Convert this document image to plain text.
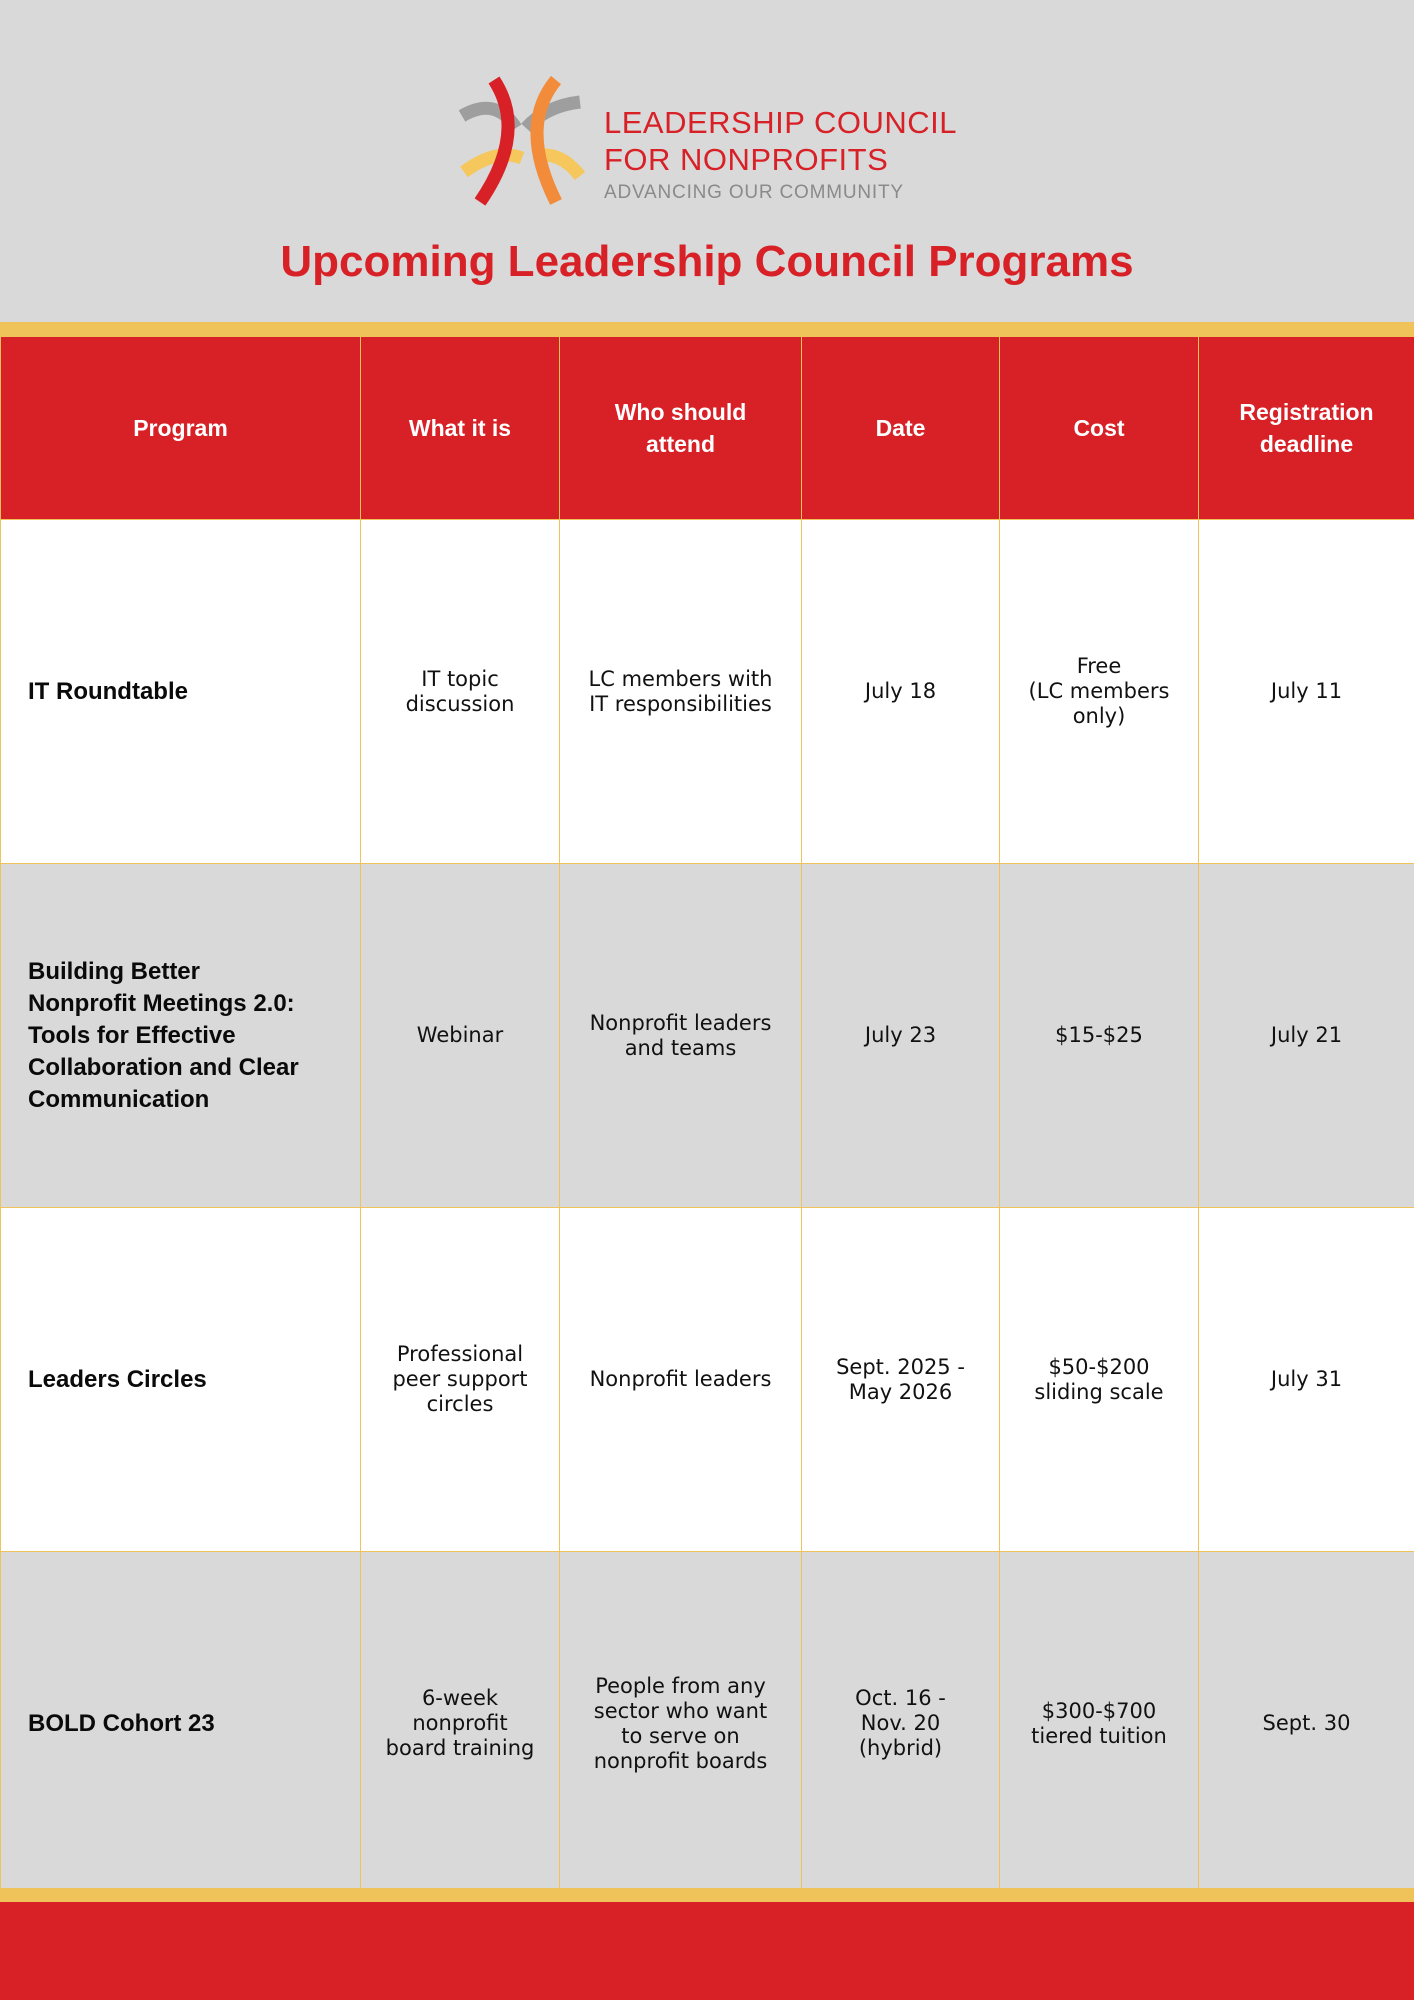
LEADERSHIP COUNCIL
FOR NONPROFITS
ADVANCING OUR COMMUNITY
Upcoming Leadership Council Programs
Program	What it is	Who should
attend	Date	Cost	Registration
deadline
IT Roundtable	IT topic
discussion	LC members with
IT responsibilities	July 18	Free
(LC members
only)	July 11
Building Better
Nonprofit Meetings 2.0:
Tools for Effective
Collaboration and Clear
Communication	Webinar	Nonprofit leaders
and teams	July 23	$15-$25	July 21
Leaders Circles	Professional
peer support
circles	Nonprofit leaders	Sept. 2025 -
May 2026	$50-$200
sliding scale	July 31
BOLD Cohort 23	6-week
nonprofit
board training	People from any
sector who want
to serve on
nonprofit boards	Oct. 16 -
Nov. 20
(hybrid)	$300-$700
tiered tuition	Sept. 30
